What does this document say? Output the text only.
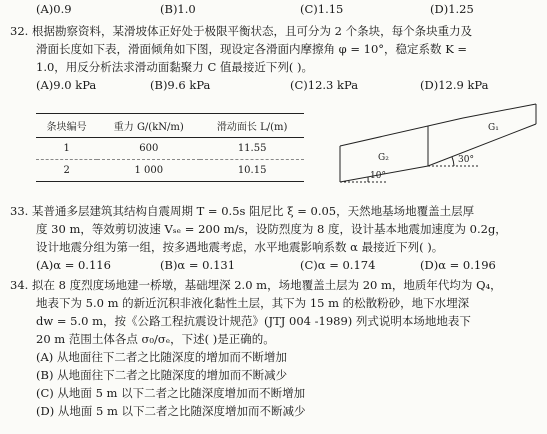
(A)0.9	(B)1.0	(C)1.15	(D)1.25
32. 根据勘察资料，某滑坡体正好处于极限平衡状态，且可分为 2 个条块，每个条块重力及
滑面长度如下表，滑面倾角如下图，现设定各滑面内摩擦角 φ = 10°，稳定系数 K =
1.0，用反分析法求滑动面黏聚力 C 值最接近下列( )。
(A)9.0 kPa	(B)9.6 kPa	(C)12.3 kPa	(D)12.9 kPa
条块编号	重力 G/(kN/m)	滑动面长 L/(m)
1	600	11.55
2	1 000	10.15
G₂
G₁
30°
10°
33. 某普通多层建筑其结构自震周期 T = 0.5s 阻尼比 ξ = 0.05，天然地基场地覆盖土层厚
度 30 m，等效剪切波速 Vₛₑ = 200 m/s，设防烈度为 8 度，设计基本地震加速度为 0.2g，
设计地震分组为第一组，按多遇地震考虑，水平地震影响系数 α 最接近下列( )。
(A)α = 0.116	(B)α = 0.131	(C)α = 0.174	(D)α = 0.196
34. 拟在 8 度烈度场地建一桥墩，基础埋深 2.0 m，场地覆盖土层为 20 m，地质年代均为 Q₄，
地表下为 5.0 m 的新近沉积非液化黏性土层，其下为 15 m 的松散粉砂，地下水埋深
dw = 5.0 m，按《公路工程抗震设计规范》(JTJ 004 -1989) 列式说明本场地地表下
20 m 范围土体各点 σ₀/σₑ，下述( )是正确的。
(A) 从地面往下二者之比随深度的增加而不断增加
(B) 从地面往下二者之比随深度的增加而不断减少
(C) 从地面 5 m 以下二者之比随深度增加而不断增加
(D) 从地面 5 m 以下二者之比随深度增加而不断减少
